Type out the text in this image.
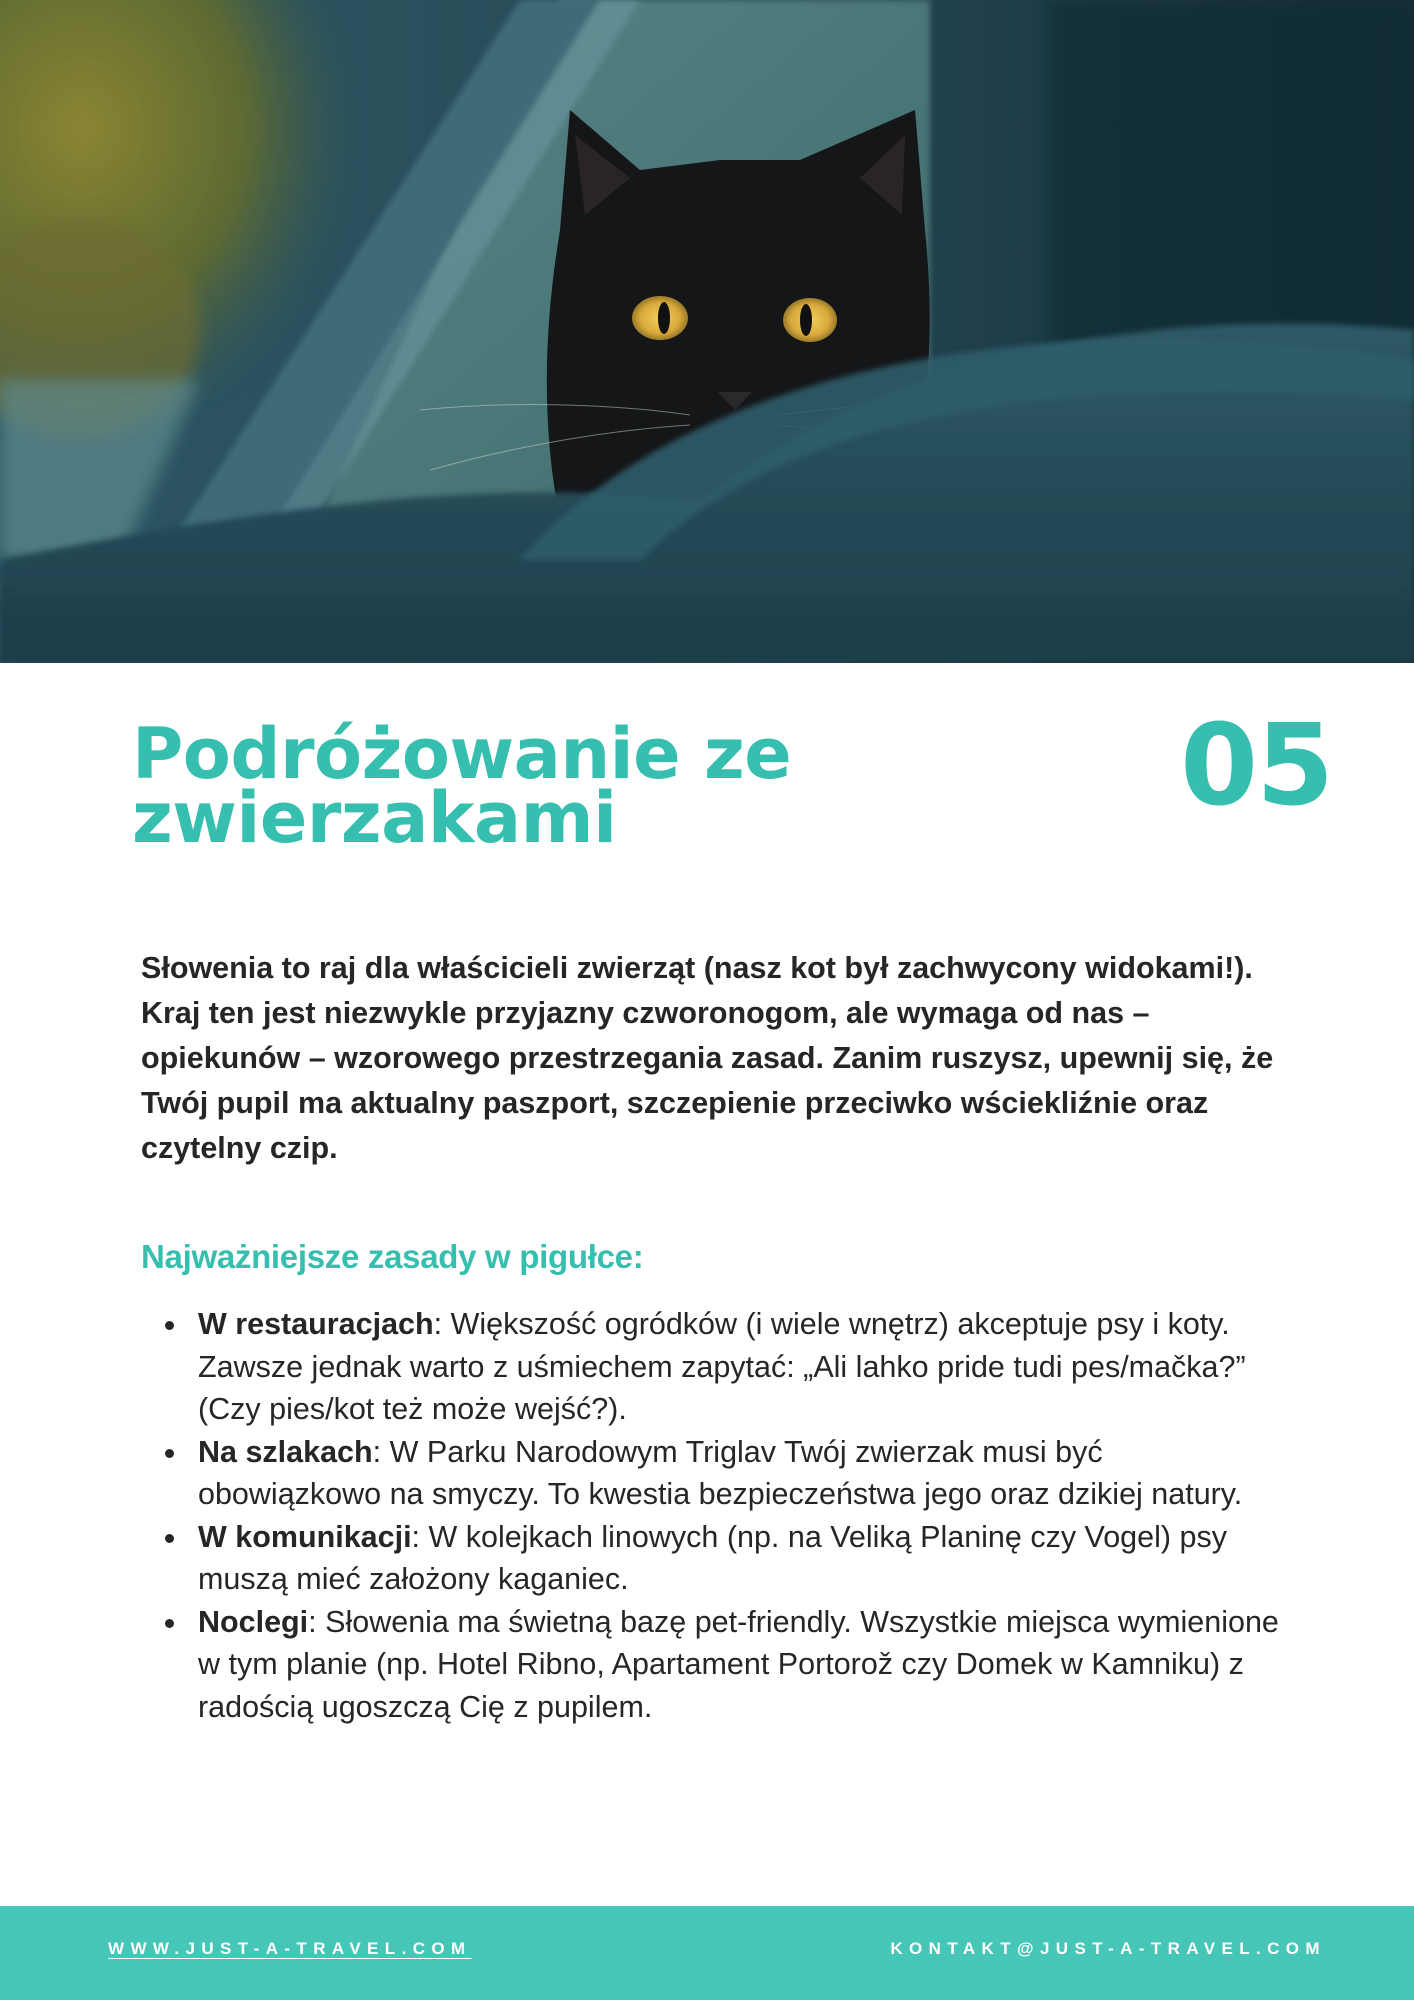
Podróżowanie ze zwierzakami	05

Słowenia to raj dla właścicieli zwierząt (nasz kot był zachwycony widokami!). Kraj ten jest niezwykle przyjazny czworonogom, ale wymaga od nas – opiekunów – wzorowego przestrzegania zasad. Zanim ruszysz, upewnij się, że Twój pupil ma aktualny paszport, szczepienie przeciwko wściekliźnie oraz czytelny czip.

Najważniejsze zasady w pigułce:
W restauracjach: Większość ogródków (i wiele wnętrz) akceptuje psy i koty. Zawsze jednak warto z uśmiechem zapytać: „Ali lahko pride tudi pes/mačka?” (Czy pies/kot też może wejść?).
Na szlakach: W Parku Narodowym Triglav Twój zwierzak musi być obowiązkowo na smyczy. To kwestia bezpieczeństwa jego oraz dzikiej natury.
W komunikacji: W kolejkach linowych (np. na Veliką Planinę czy Vogel) psy muszą mieć założony kaganiec.
Noclegi: Słowenia ma świetną bazę pet-friendly. Wszystkie miejsca wymienione w tym planie (np. Hotel Ribno, Apartament Portorož czy Domek w Kamniku) z radością ugoszczą Cię z pupilem.
WWW.JUST-A-TRAVEL.COM	KONTAKT@JUST-A-TRAVEL.COM
